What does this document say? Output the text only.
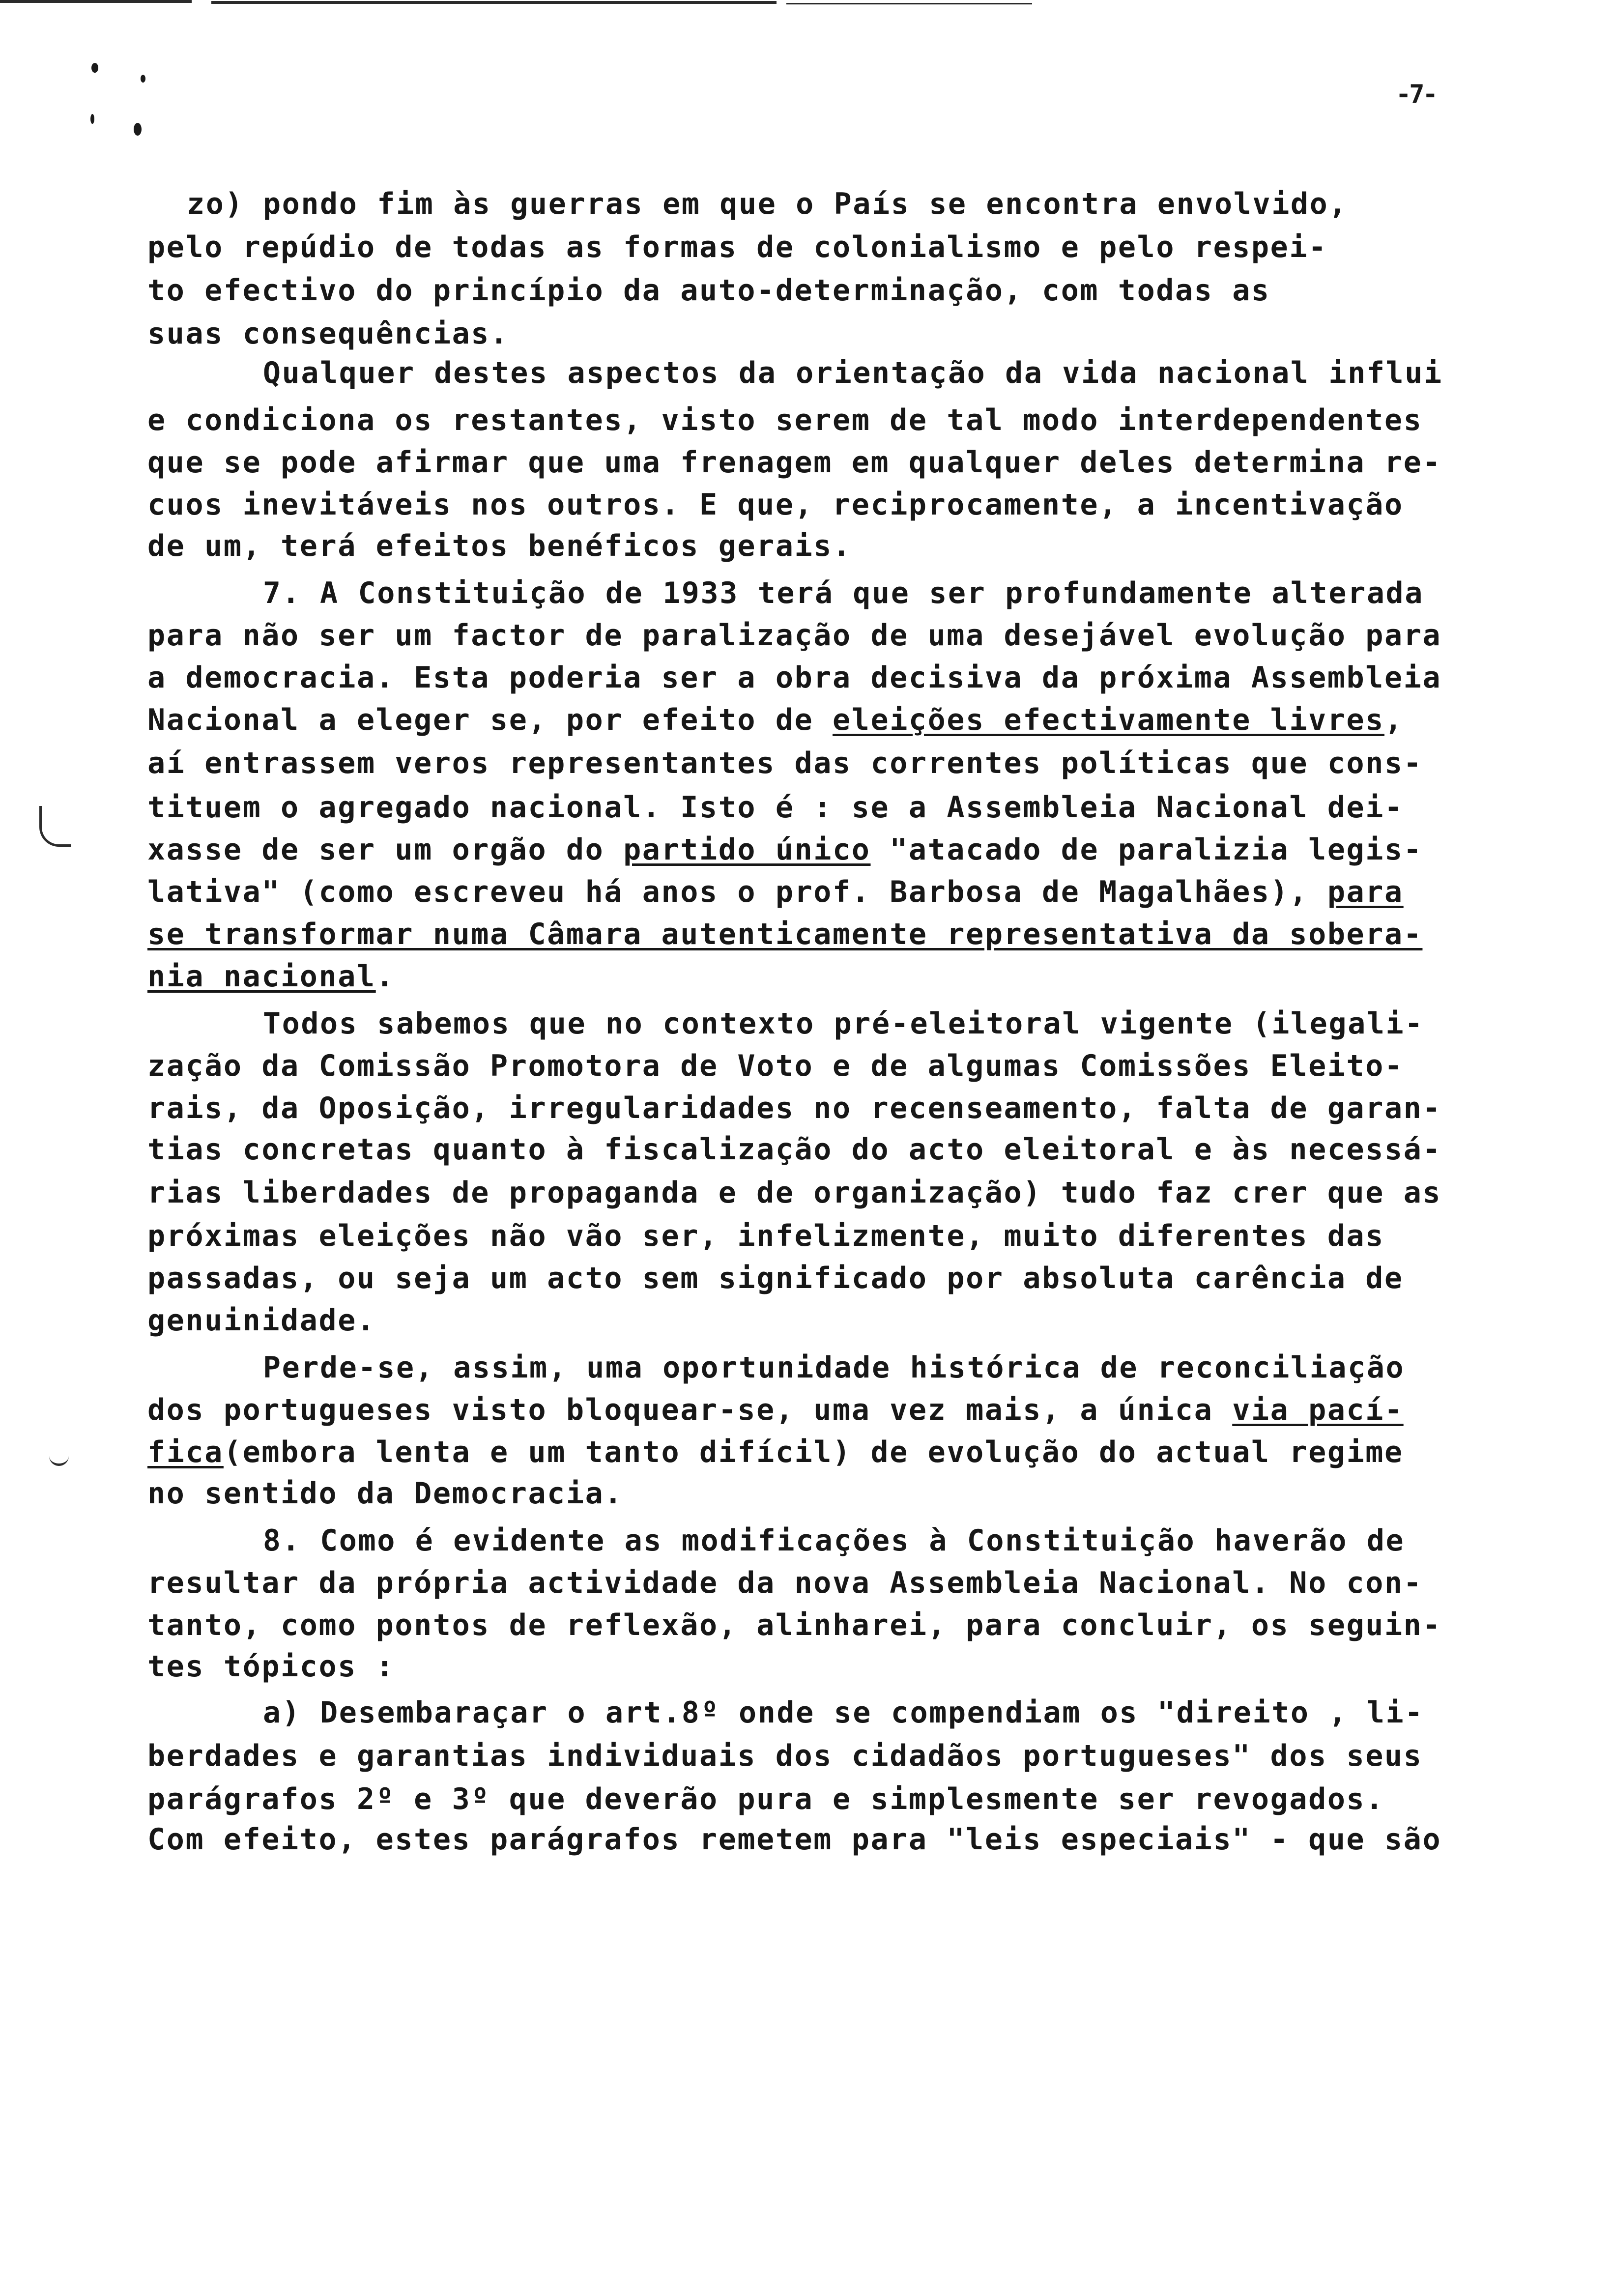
-7-
zo) pondo fim às guerras em que o País se encontra envolvido,
pelo repúdio de todas as formas de colonialismo e pelo respei-
to efectivo do princípio da auto-determinação, com todas as
suas consequências.
Qualquer destes aspectos da orientação da vida nacional influi
e condiciona os restantes, visto serem de tal modo interdependentes
que se pode afirmar que uma frenagem em qualquer deles determina re-
cuos inevitáveis nos outros. E que, reciprocamente, a incentivação
de um, terá efeitos benéficos gerais.
7. A Constituição de 1933 terá que ser profundamente alterada
para não ser um factor de paralização de uma desejável evolução para
a democracia. Esta poderia ser a obra decisiva da próxima Assembleia
Nacional a eleger se, por efeito de eleições efectivamente livres,
aí entrassem veros representantes das correntes políticas que cons-
tituem o agregado nacional. Isto é : se a Assembleia Nacional dei-
xasse de ser um orgão do partido único "atacado de paralizia legis-
lativa" (como escreveu há anos o prof. Barbosa de Magalhães), para
se transformar numa Câmara autenticamente representativa da sobera-
nia nacional.
Todos sabemos que no contexto pré-eleitoral vigente (ilegali-
zação da Comissão Promotora de Voto e de algumas Comissões Eleito-
rais, da Oposição, irregularidades no recenseamento, falta de garan-
tias concretas quanto à fiscalização do acto eleitoral e às necessá-
rias liberdades de propaganda e de organização) tudo faz crer que as
próximas eleições não vão ser, infelizmente, muito diferentes das
passadas, ou seja um acto sem significado por absoluta carência de
genuinidade.
Perde-se, assim, uma oportunidade histórica de reconciliação
dos portugueses visto bloquear-se, uma vez mais, a única via pací-
fica(embora lenta e um tanto difícil) de evolução do actual regime
no sentido da Democracia.
8. Como é evidente as modificações à Constituição haverão de
resultar da própria actividade da nova Assembleia Nacional. No con-
tanto, como pontos de reflexão, alinharei, para concluir, os seguin-
tes tópicos :
a) Desembaraçar o art.8º onde se compendiam os "direito , li-
berdades e garantias individuais dos cidadãos portugueses" dos seus
parágrafos 2º e 3º que deverão pura e simplesmente ser revogados.
Com efeito, estes parágrafos remetem para "leis especiais" - que são
